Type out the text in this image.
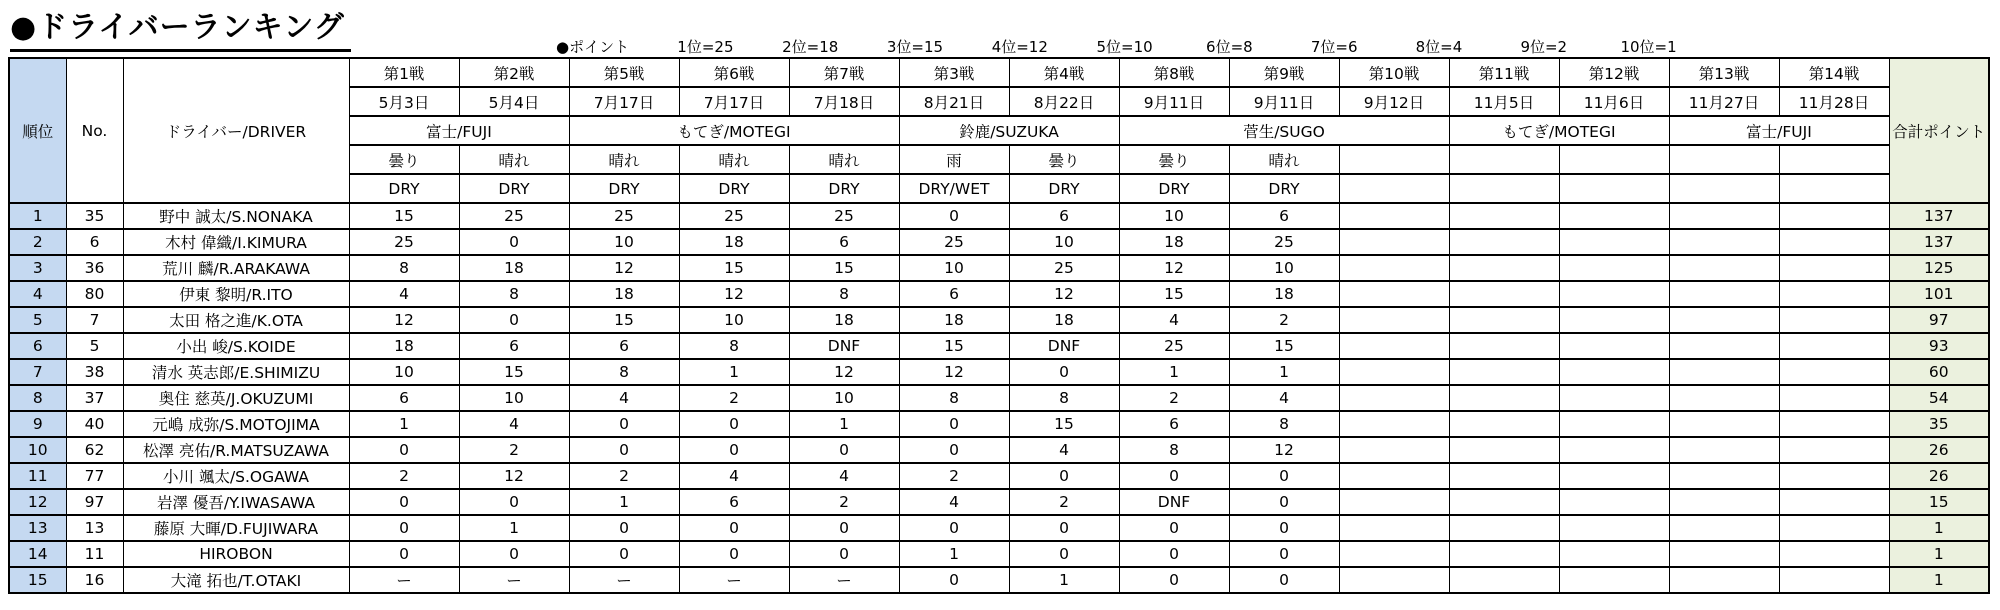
●ドライバーランキング
●ポイント	1位=25	2位=18	3位=15	4位=12	5位=10	6位=8	7位=6	8位=4	9位=2	10位=1
順位	No.	ドライバー/DRIVER	第1戦	第2戦	第5戦	第6戦	第7戦	第3戦	第4戦	第8戦	第9戦	第10戦	第11戦	第12戦	第13戦	第14戦	合計ポイント
			5月3日	5月4日	7月17日	7月17日	7月18日	8月21日	8月22日	9月11日	9月11日	9月12日	11月5日	11月6日	11月27日	11月28日	
			富士/FUJI		もてぎ/MOTEGI			鈴鹿/SUZUKA		菅生/SUGO			もてぎ/MOTEGI		富士/FUJI		
			曇り	晴れ	晴れ	晴れ	晴れ	雨	曇り	曇り	晴れ						
			DRY	DRY	DRY	DRY	DRY	DRY/WET	DRY	DRY	DRY						
1	35	野中 誠太/S.NONAKA	15	25	25	25	25	0	6	10	6						137
2	6	木村 偉織/I.KIMURA	25	0	10	18	6	25	10	18	25						137
3	36	荒川 麟/R.ARAKAWA	8	18	12	15	15	10	25	12	10						125
4	80	伊東 黎明/R.ITO	4	8	18	12	8	6	12	15	18						101
5	7	太田 格之進/K.OTA	12	0	15	10	18	18	18	4	2						97
6	5	小出 峻/S.KOIDE	18	6	6	8	DNF	15	DNF	25	15						93
7	38	清水 英志郎/E.SHIMIZU	10	15	8	1	12	12	0	1	1						60
8	37	奥住 慈英/J.OKUZUMI	6	10	4	2	10	8	8	2	4						54
9	40	元嶋 成弥/S.MOTOJIMA	1	4	0	0	1	0	15	6	8						35
10	62	松澤 亮佑/R.MATSUZAWA	0	2	0	0	0	0	4	8	12						26
11	77	小川 颯太/S.OGAWA	2	12	2	4	4	2	0	0	0						26
12	97	岩澤 優吾/Y.IWASAWA	0	0	1	6	2	4	2	DNF	0						15
13	13	藤原 大暉/D.FUJIWARA	0	1	0	0	0	0	0	0	0						1
14	11	HIROBON	0	0	0	0	0	1	0	0	0						1
15	16	大滝 拓也/T.OTAKI	ー	ー	ー	ー	ー	0	1	0	0						1
